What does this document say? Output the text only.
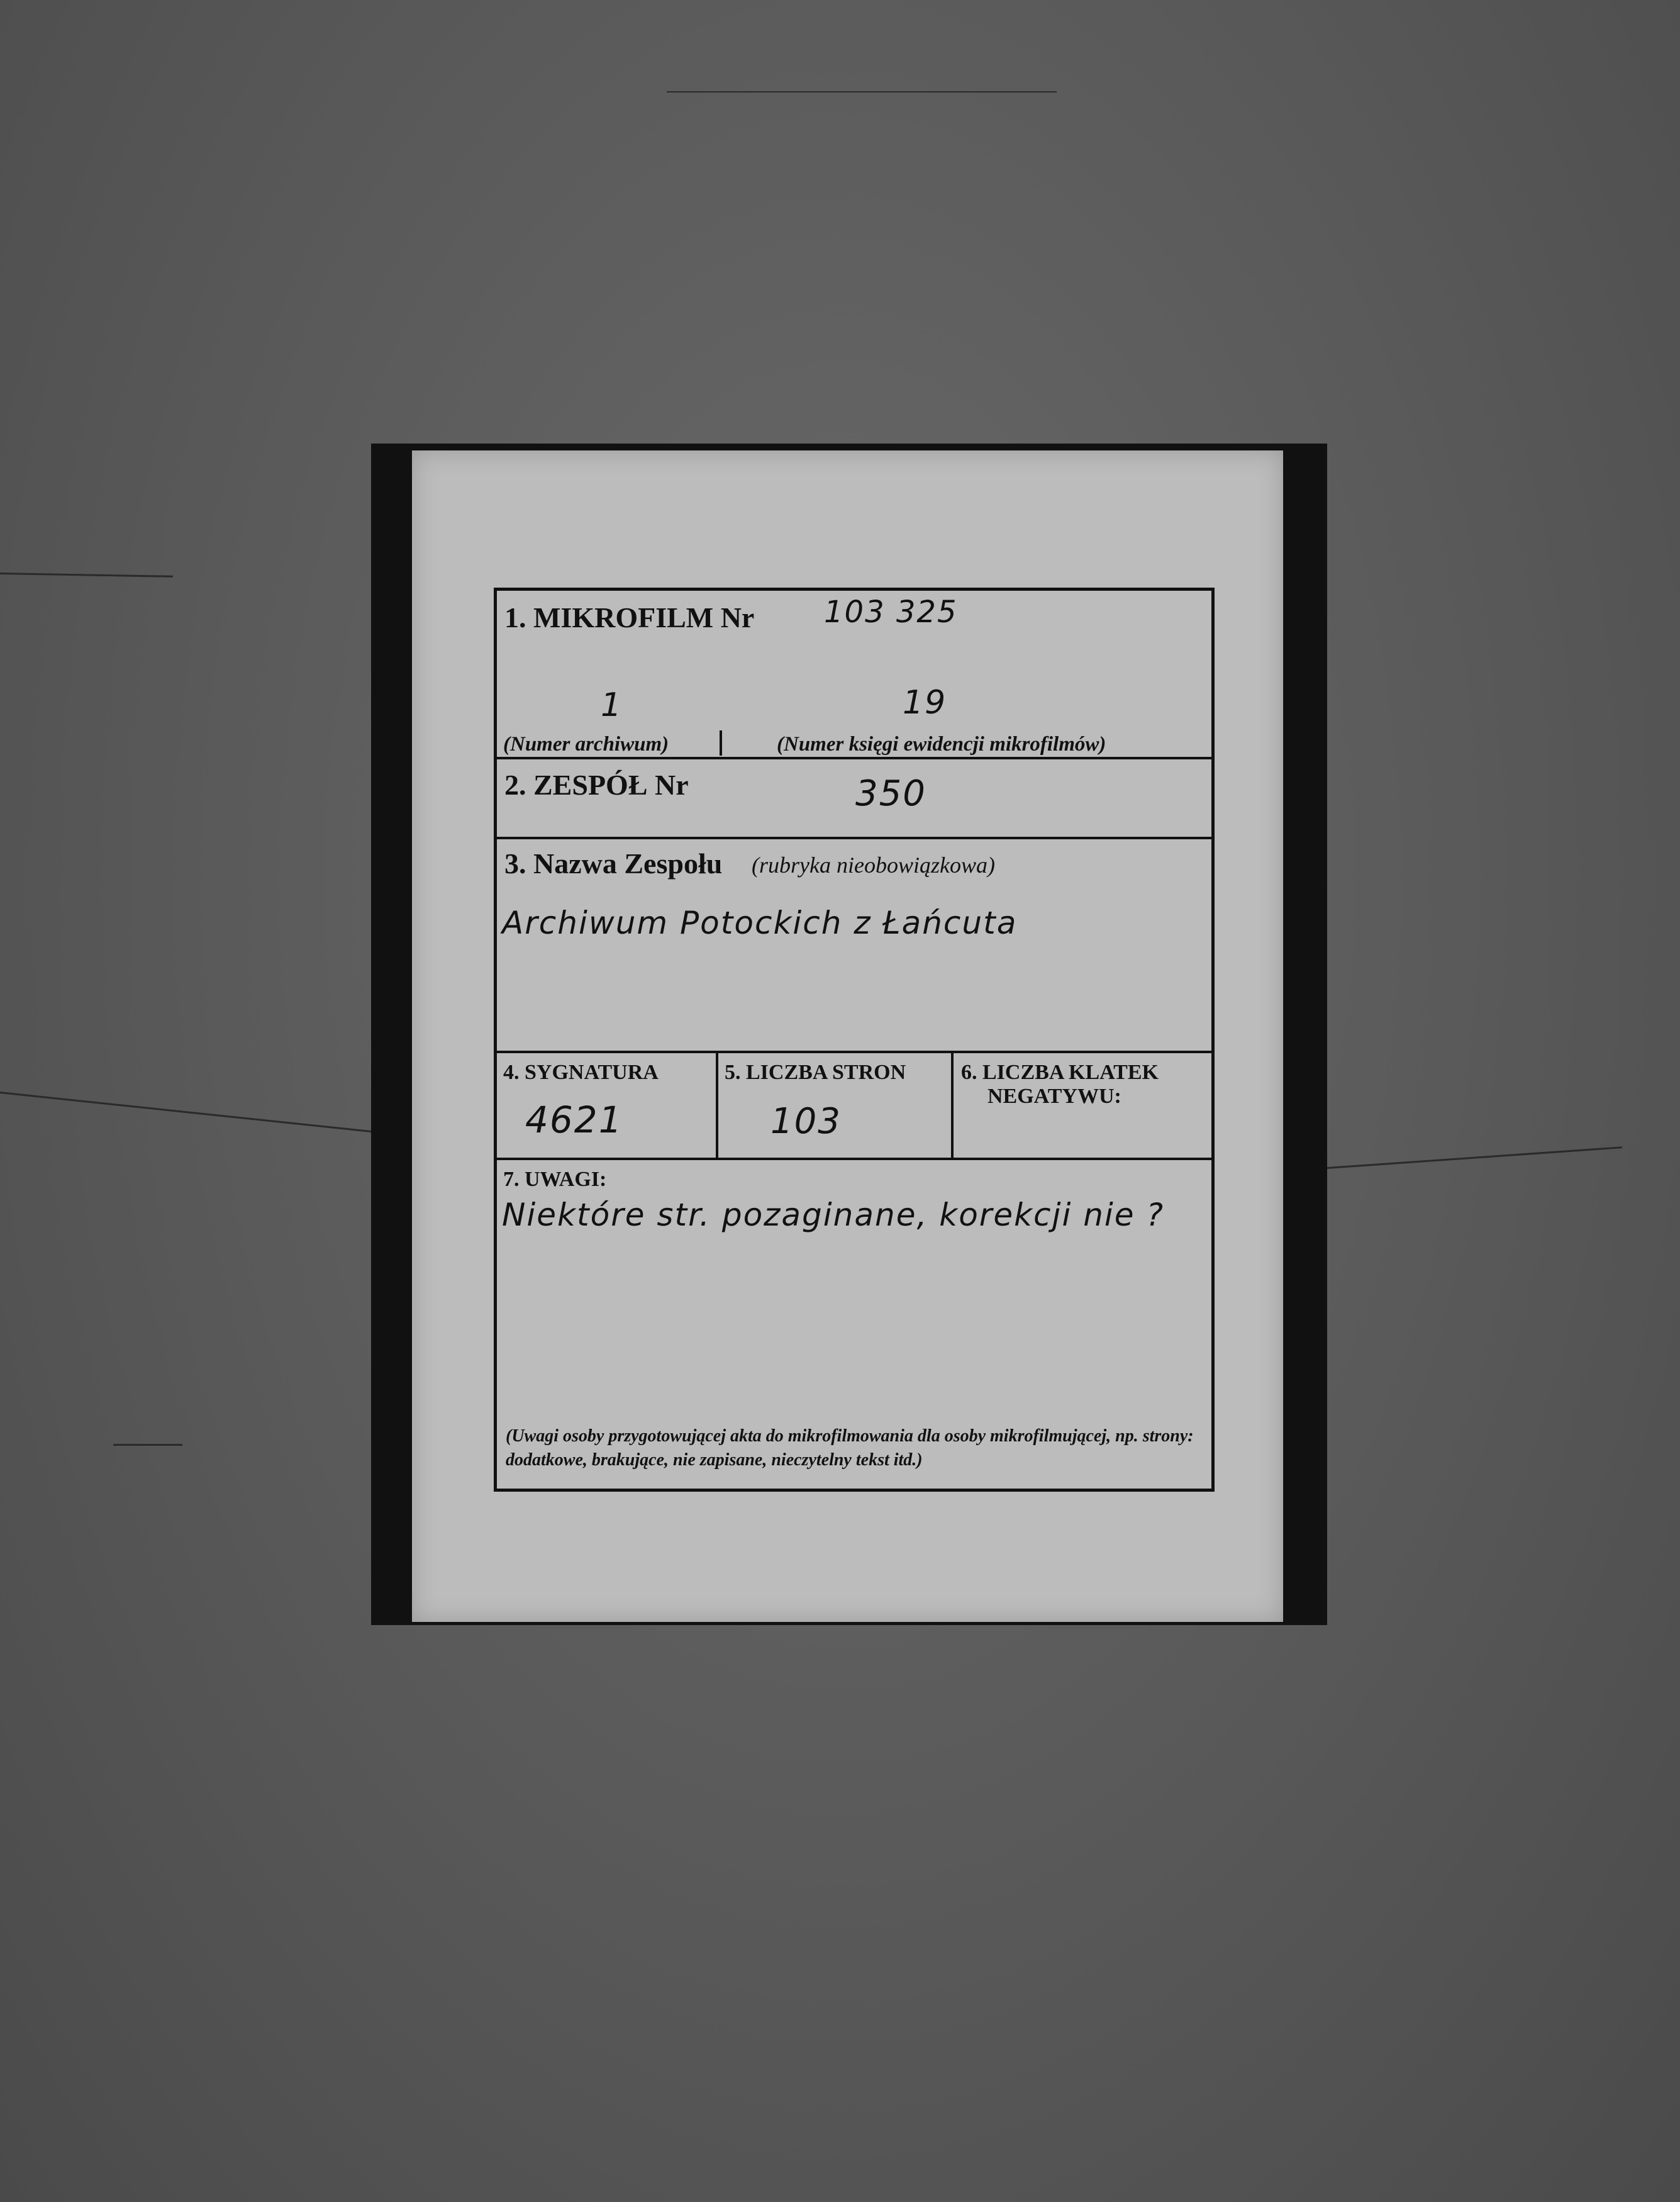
1. MIKROFILM Nr 103 325
1	19
(Numer archiwum)	(Numer księgi ewidencji mikrofilmów)
2. ZESPÓŁ Nr	350
3. Nazwa Zespołu (rubryka nieobowiązkowa)
Archiwum Potockich z Łańcuta
4. SYGNATURA
4621
5. LICZBA STRON
103
6. LICZBA KLATEK
NEGATYWU:
7. UWAGI:
Niektóre str. pozaginane, korekcji nie ?
(Uwagi osoby przygotowującej akta do mikrofilmowania dla osoby mikrofilmującej, np. strony: dodatkowe, brakujące, nie zapisane, nieczytelny tekst itd.)
